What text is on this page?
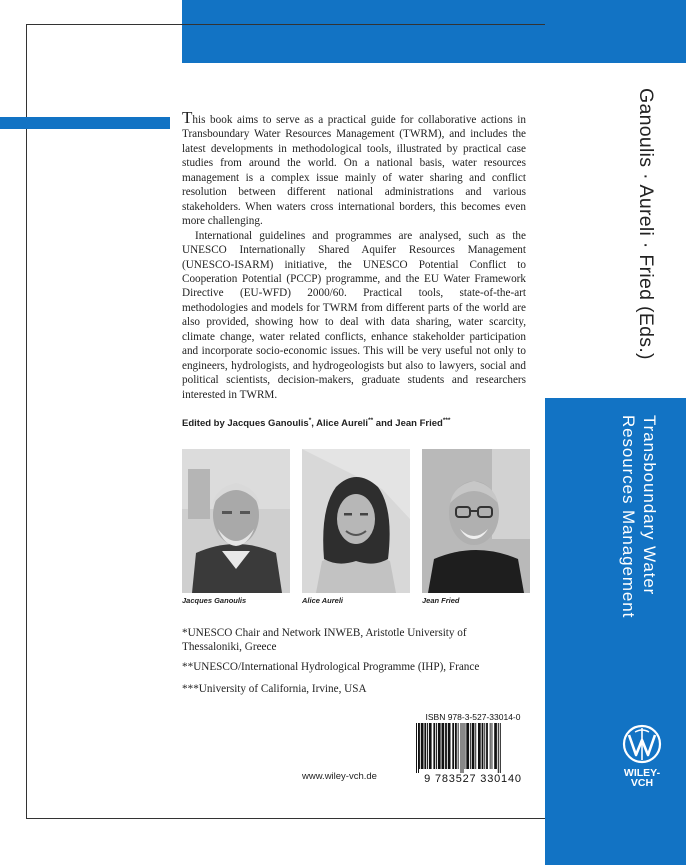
This book aims to serve as a practical guide for collaborative actions in Transboundary Water Resources Management (TWRM), and includes the latest developments in methodological tools, illustrated by practical case studies from around the world. On a national basis, water resources management is a complex issue mainly of water sharing and conflict resolution between different national administrations and various stakeholders. When waters cross international borders, this becomes even more challenging.

International guidelines and programmes are analysed, such as the UNESCO Internationally Shared Aquifer Resources Management (UNESCO-ISARM) initiative, the UNESCO Potential Conflict to Cooperation Potential (PCCP) programme, and the EU Water Framework Directive (EU-WFD) 2000/60. Practical tools, state-of-the-art methodologies and models for TWRM from different parts of the world are also provided, showing how to deal with data sharing, water scarcity, climate change, water related conflicts, enhance stakeholder participation and incorporate socio-economic issues. This will be very useful not only to engineers, hydrologists, and hydrogeologists but also to lawyers, social and political scientists, decision-makers, graduate students and researchers interested in TWRM.

Edited by Jacques Ganoulis*, Alice Aureli** and Jean Fried***
Jacques Ganoulis	Alice Aureli	Jean Fried
*UNESCO Chair and Network INWEB, Aristotle University of Thessaloniki, Greece
**UNESCO/International Hydrological Programme (IHP), France
***University of California, Irvine, USA
www.wiley-vch.de
ISBN 978-3-527-33014-0
9 783527 330140
Ganoulis · Aureli · Fried (Eds.)
Transboundary Water
Resources Management
WILEY-
VCH
